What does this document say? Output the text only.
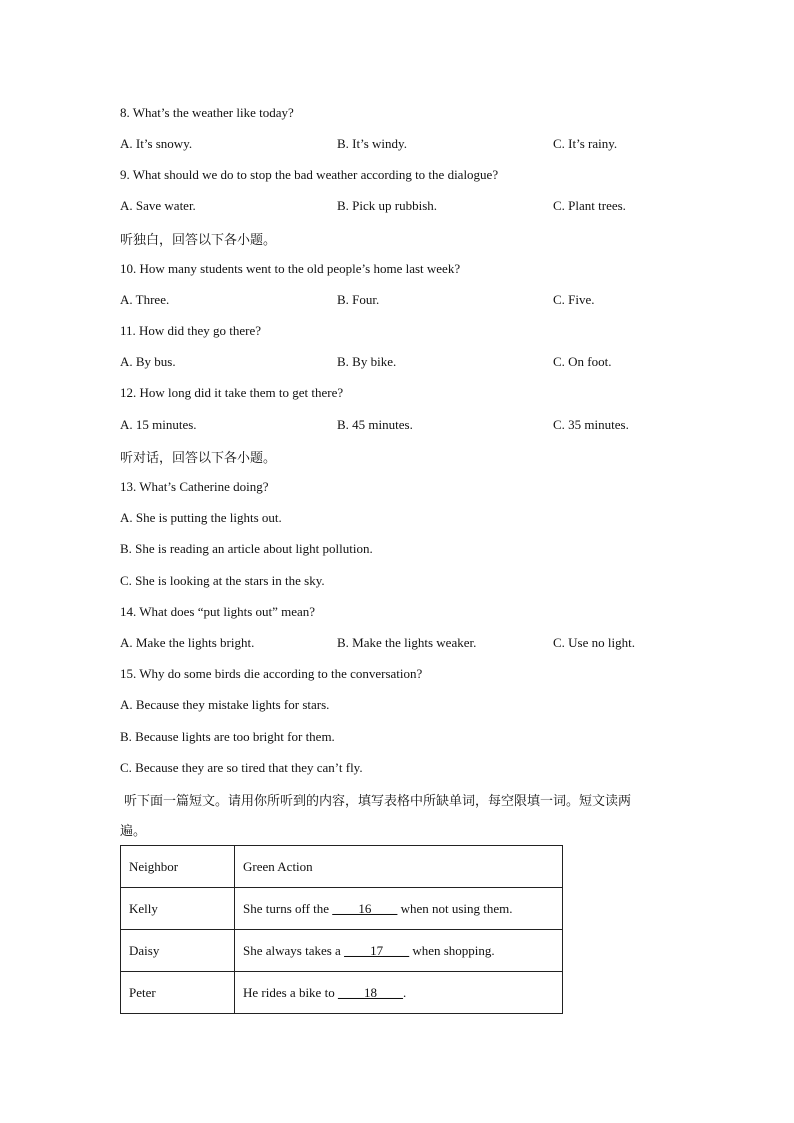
8. What’s the weather like today?
A. It’s snowy.	B. It’s windy.	C. It’s rainy.
9. What should we do to stop the bad weather according to the dialogue?
A. Save water.	B. Pick up rubbish.	C. Plant trees.
听独白，回答以下各小题。
10. How many students went to the old people’s home last week?
A. Three.	B. Four.	C. Five.
11. How did they go there?
A. By bus.	B. By bike.	C. On foot.
12. How long did it take them to get there?
A. 15 minutes.	B. 45 minutes.	C. 35 minutes.
听对话，回答以下各小题。
13. What’s Catherine doing?
A. She is putting the lights out.
B. She is reading an article about light pollution.
C. She is looking at the stars in the sky.
14. What does “put lights out” mean?
A. Make the lights bright.	B. Make the lights weaker.	C. Use no light.
15. Why do some birds die according to the conversation?
A. Because they mistake lights for stars.
B. Because lights are too bright for them.
C. Because they are so tired that they can’t fly.
听下面一篇短文。请用你所听到的内容，填写表格中所缺单词，每空限填一词。短文读两
遍。
Neighbor	Green Action
Kelly	She turns off the ____16____ when not using them.
Daisy	She always takes a ____17____ when shopping.
Peter	He rides a bike to ____18____.
